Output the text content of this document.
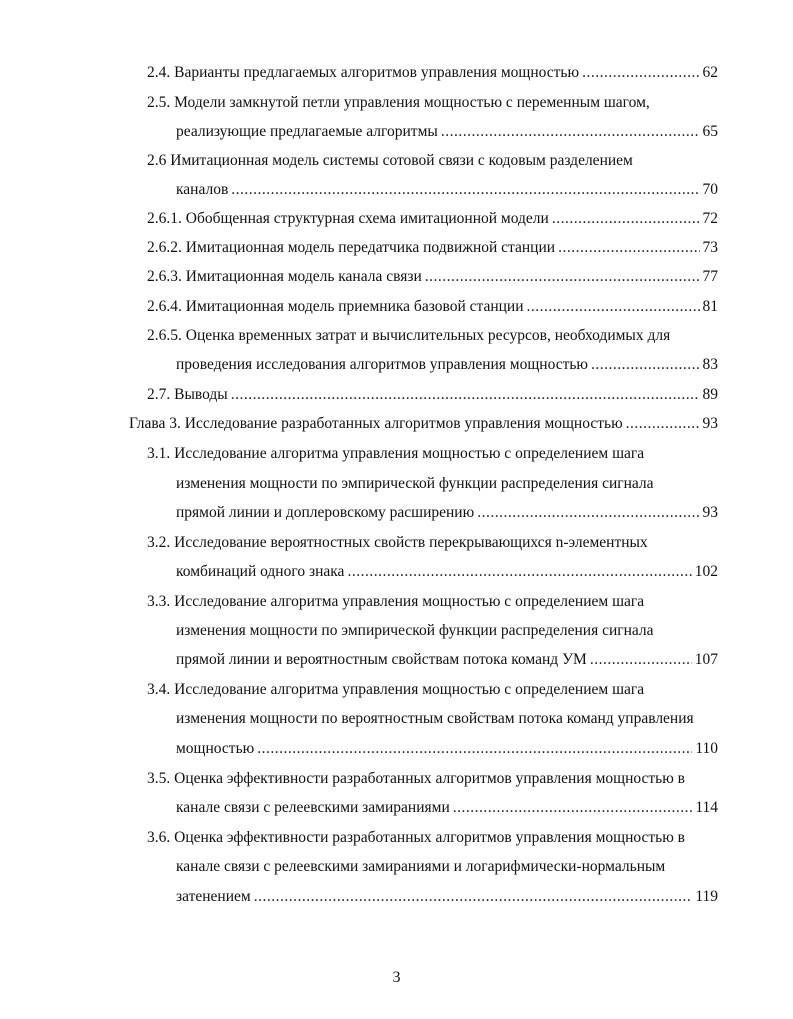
2.4. Варианты предлагаемых алгоритмов управления мощностью .....	62
2.5. Модели замкнутой петли управления мощностью с переменным шагом,
реализующие предлагаемые алгоритмы .....	65
2.6 Имитационная модель системы сотовой связи с кодовым разделением
каналов .....	70
2.6.1. Обобщенная структурная схема имитационной модели .....	72
2.6.2. Имитационная модель передатчика подвижной станции .....	73
2.6.3. Имитационная модель канала связи .....	77
2.6.4. Имитационная модель приемника базовой станции .....	81
2.6.5. Оценка временных затрат и вычислительных ресурсов, необходимых для
проведения исследования алгоритмов управления мощностью .....	83
2.7. Выводы .....	89
Глава 3. Исследование разработанных алгоритмов управления мощностью .....	93
3.1. Исследование алгоритма управления мощностью с определением шага
изменения мощности по эмпирической функции распределения сигнала
прямой линии и доплеровскому расширению .....	93
3.2. Исследование вероятностных свойств перекрывающихся n-элементных
комбинаций одного знака .....	102
3.3. Исследование алгоритма управления мощностью с определением шага
изменения мощности по эмпирической функции распределения сигнала
прямой линии и вероятностным свойствам потока команд УМ .....	107
3.4. Исследование алгоритма управления мощностью с определением шага
изменения мощности по вероятностным свойствам потока команд управления
мощностью .....	110
3.5. Оценка эффективности разработанных алгоритмов управления мощностью в
канале связи с релеевскими замираниями .....	114
3.6. Оценка эффективности разработанных алгоритмов управления мощностью в
канале связи с релеевскими замираниями и логарифмически-нормальным
затенением .....	119
3
